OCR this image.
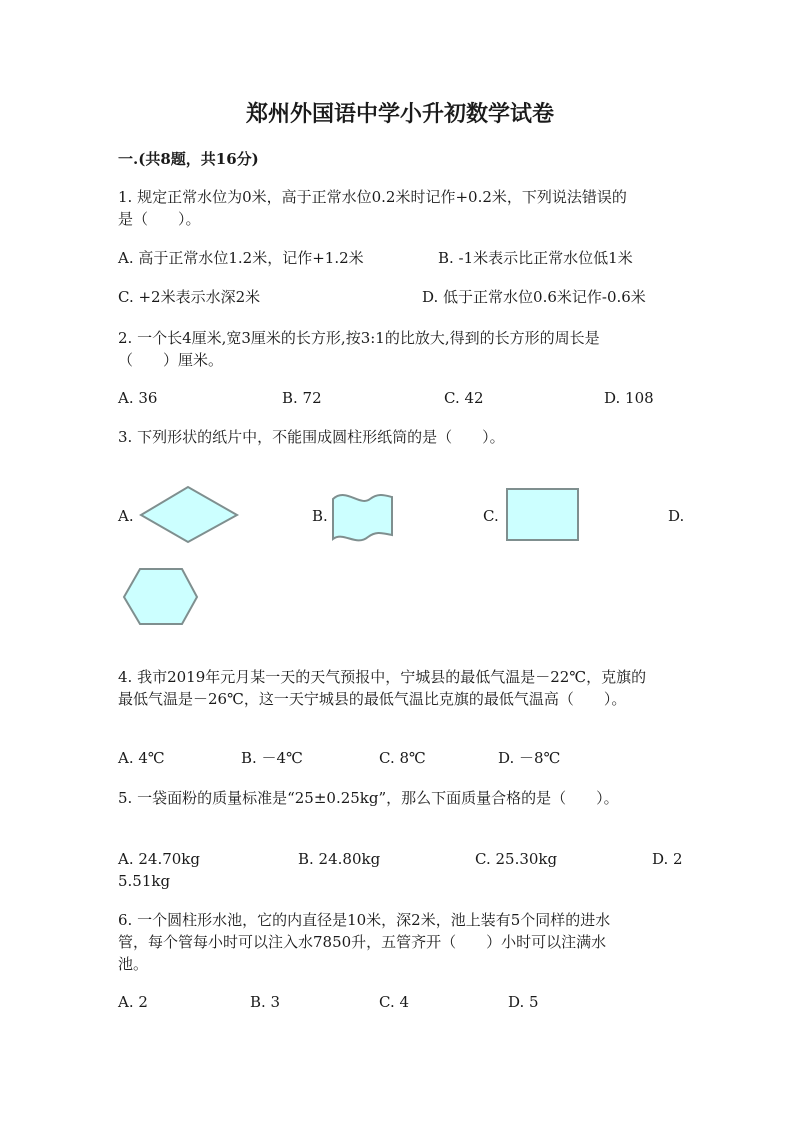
郑州外国语中学小升初数学试卷
一.(共8题，共16分)
1. 规定正常水位为0米，高于正常水位0.2米时记作+0.2米，下列说法错误的
是（　　）。
A. 高于正常水位1.2米，记作+1.2米	B. -1米表示比正常水位低1米
C. +2米表示水深2米	D. 低于正常水位0.6米记作-0.6米
2. 一个长4厘米,宽3厘米的长方形,按3:1的比放大,得到的长方形的周长是
（　　）厘米。
A. 36	B. 72	C. 42	D. 108
3. 下列形状的纸片中，不能围成圆柱形纸筒的是（　　）。
A.	B.	C.	D.
4. 我市2019年元月某一天的天气预报中，宁城县的最低气温是－22℃，克旗的
最低气温是－26℃，这一天宁城县的最低气温比克旗的最低气温高（　　）。
A. 4℃	B. －4℃	C. 8℃	D. －8℃
5. 一袋面粉的质量标准是“25±0.25kg”，那么下面质量合格的是（　　）。
A. 24.70kg	B. 24.80kg	C. 25.30kg	D. 2
5.51kg
6. 一个圆柱形水池，它的内直径是10米，深2米，池上装有5个同样的进水
管，每个管每小时可以注入水7850升，五管齐开（　　）小时可以注满水
池。
A. 2	B. 3	C. 4	D. 5
